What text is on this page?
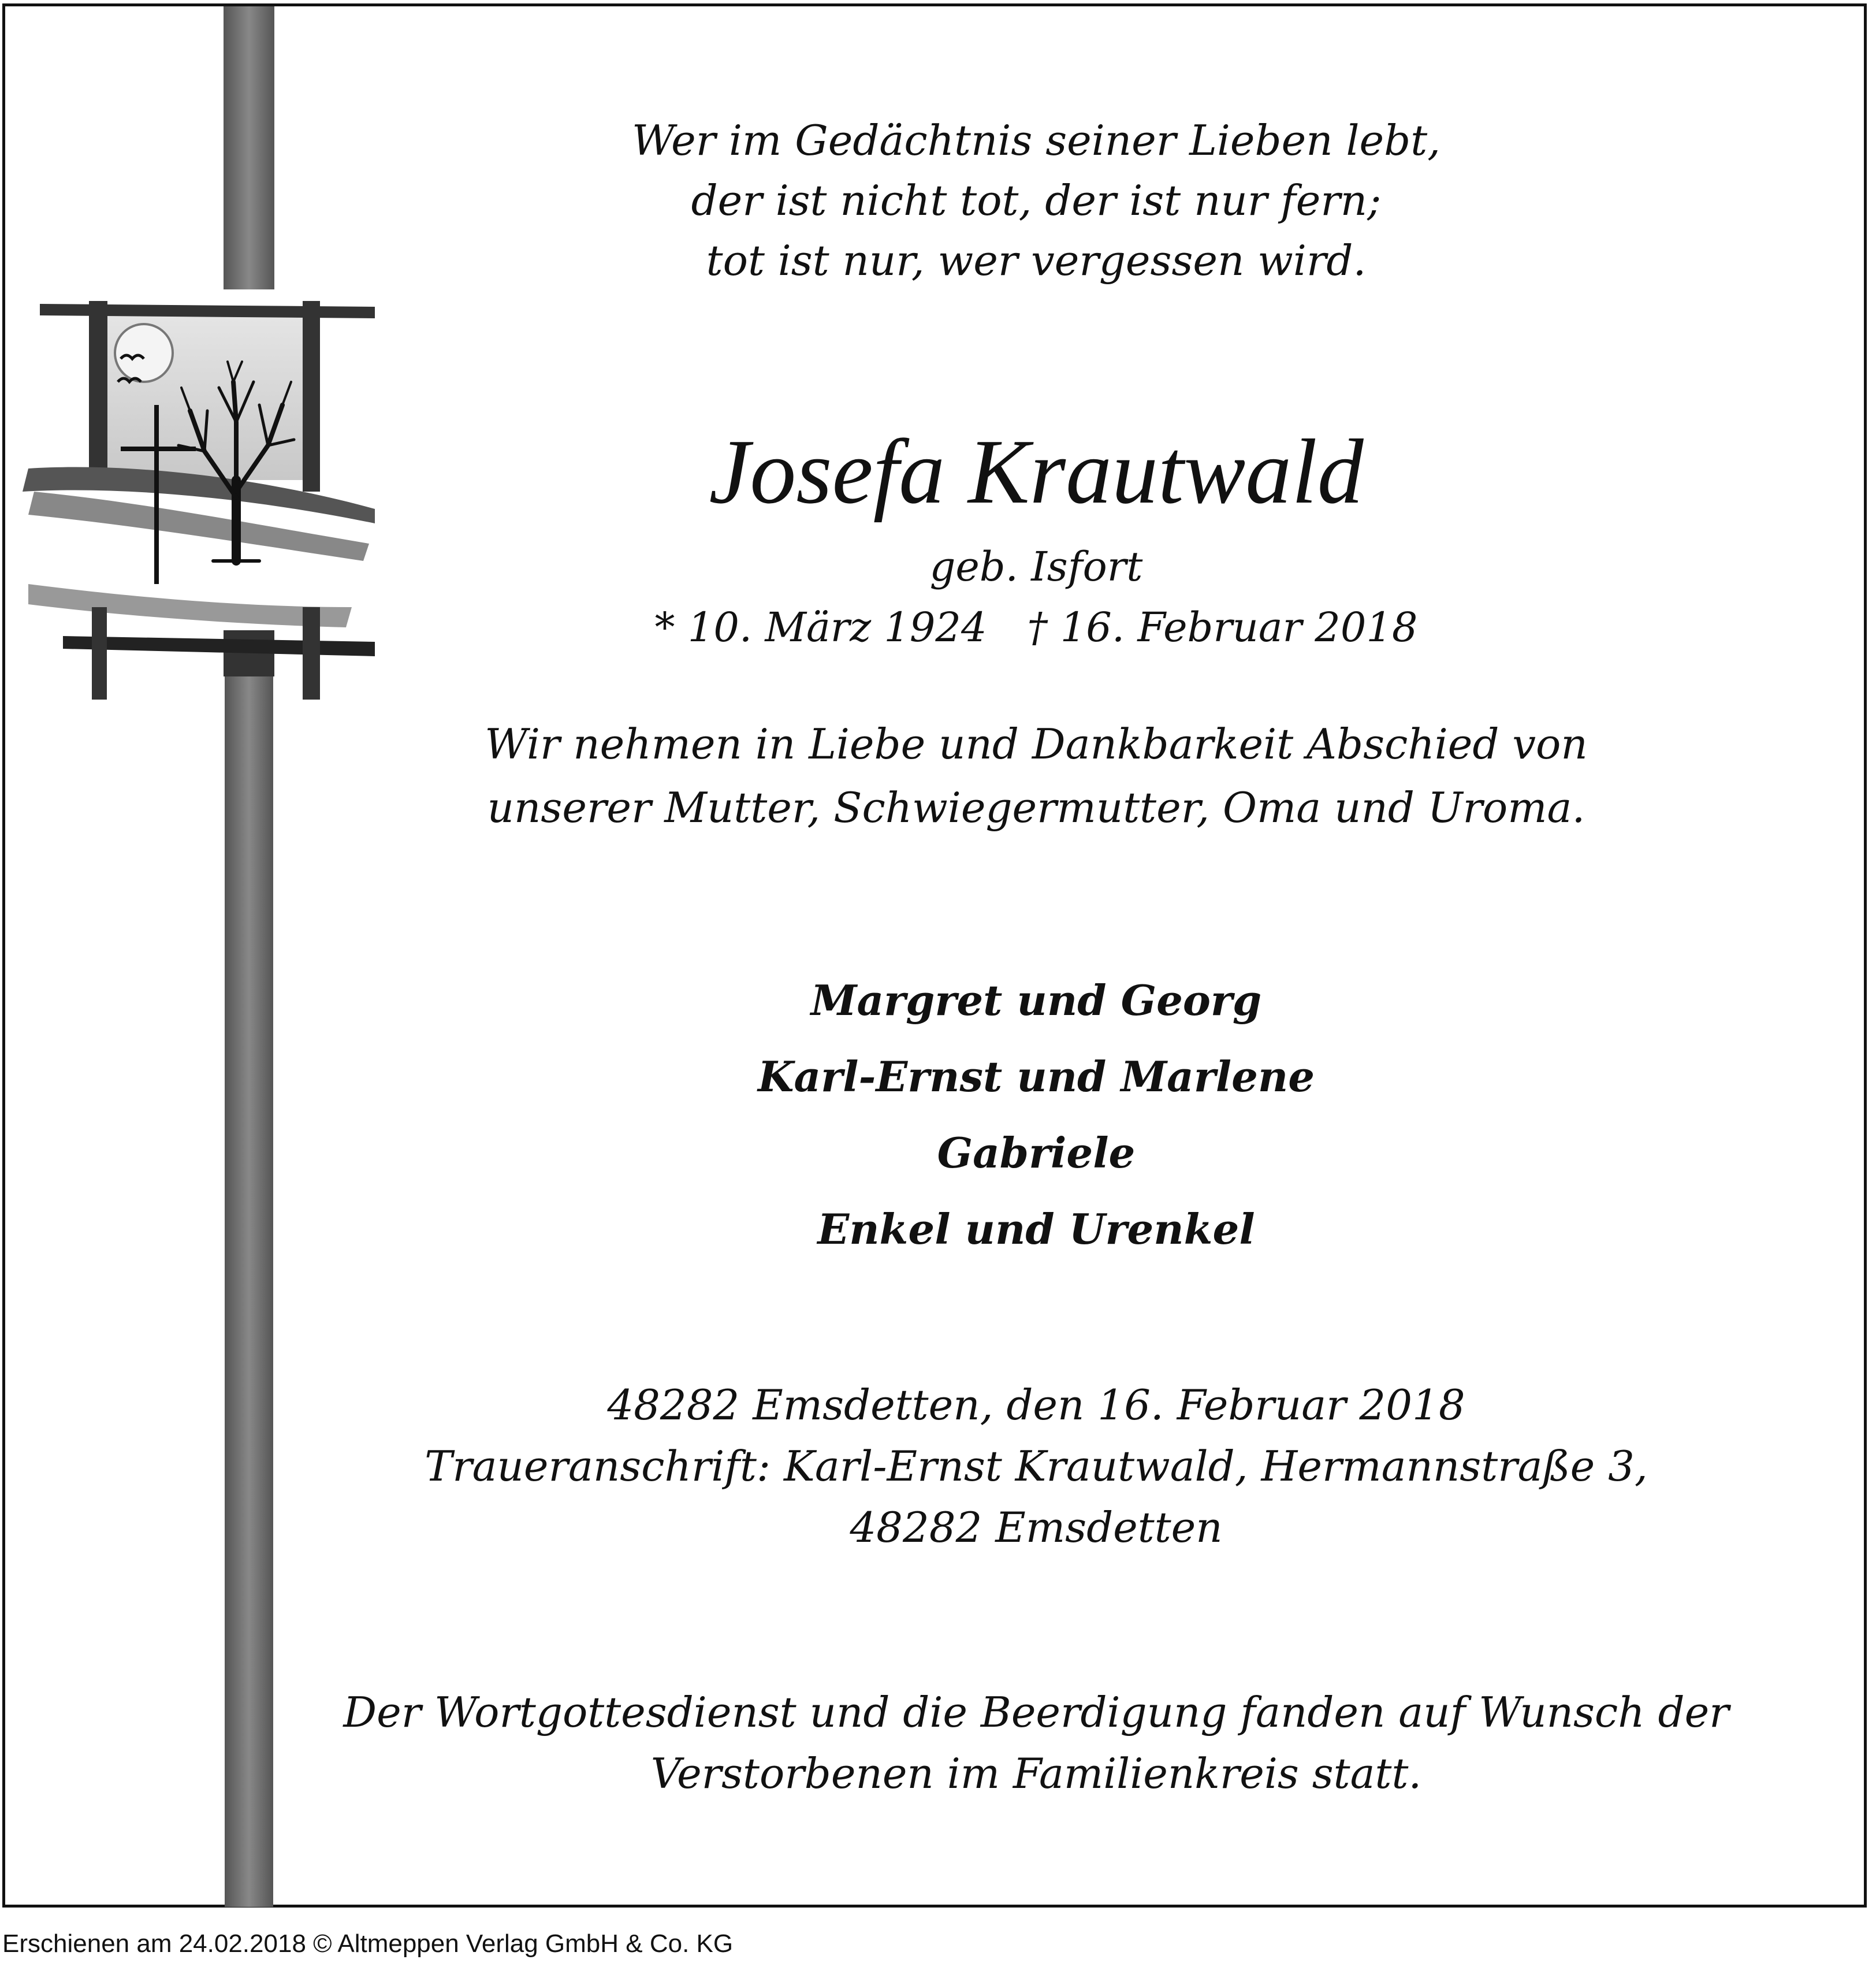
Wer im Gedächtnis seiner Lieben lebt,
der ist nicht tot, der ist nur fern;
tot ist nur, wer vergessen wird.
Josefa Krautwald
geb. Isfort
* 10. März 1924 † 16. Februar 2018
Wir nehmen in Liebe und Dankbarkeit Abschied von
unserer Mutter, Schwiegermutter, Oma und Uroma.
Margret und Georg
Karl-Ernst und Marlene
Gabriele
Enkel und Urenkel
48282 Emsdetten, den 16. Februar 2018
Traueranschrift: Karl-Ernst Krautwald, Hermannstraße 3,
48282 Emsdetten
Der Wortgottesdienst und die Beerdigung fanden auf Wunsch der
Verstorbenen im Familienkreis statt.
Erschienen am 24.02.2018 © Altmeppen Verlag GmbH & Co. KG
